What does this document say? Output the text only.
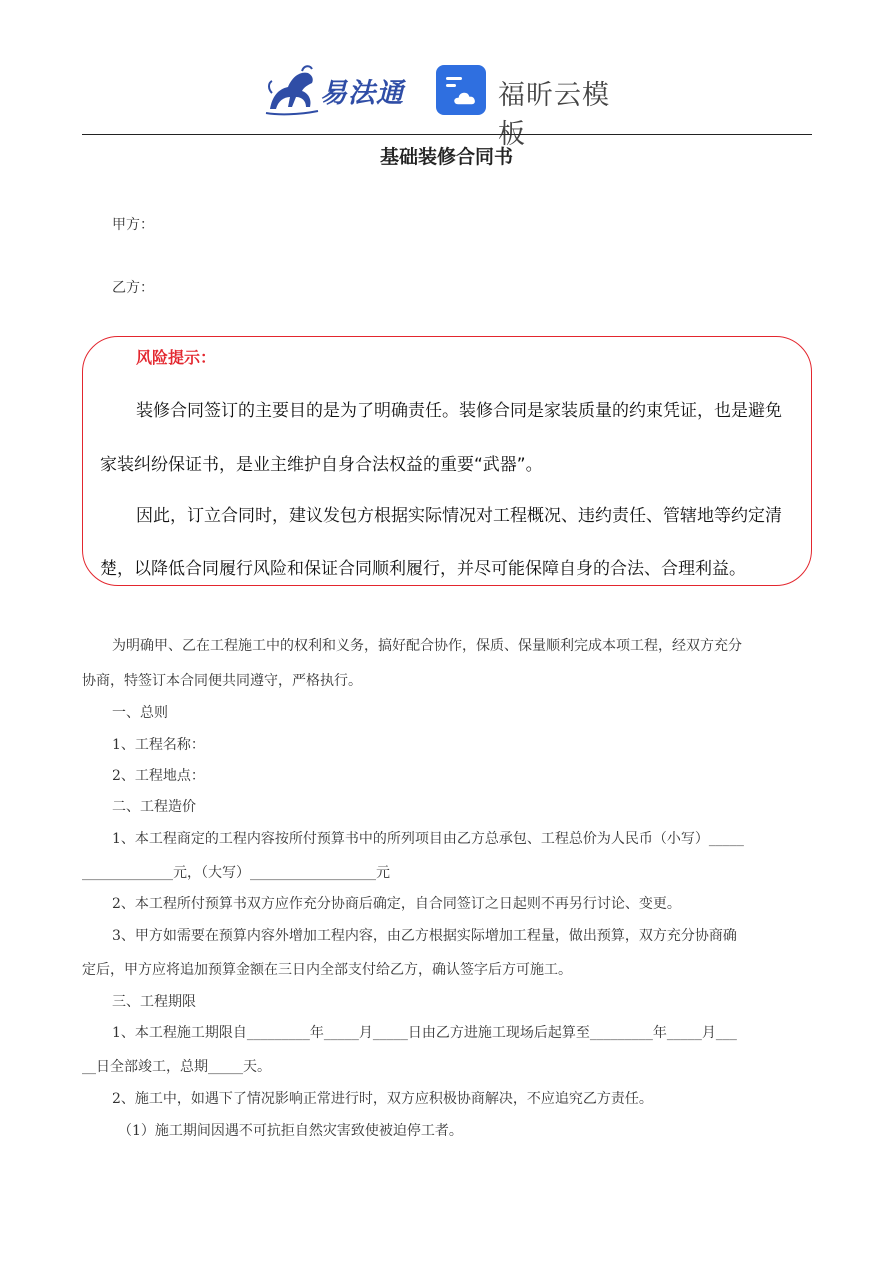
易法通	福昕云模板
基础装修合同书
甲方：
乙方：
风险提示：
装修合同签订的主要目的是为了明确责任。装修合同是家装质量的约束凭证，也是避免
家装纠纷保证书，是业主维护自身合法权益的重要“武器”。
因此，订立合同时，建议发包方根据实际情况对工程概况、违约责任、管辖地等约定清
楚，以降低合同履行风险和保证合同顺利履行，并尽可能保障自身的合法、合理利益。
为明确甲、乙在工程施工中的权利和义务，搞好配合协作，保质、保量顺利完成本项工程，经双方充分
协商，特签订本合同便共同遵守，严格执行。
一、总则
1、工程名称：
2、工程地点：
二、工程造价
1、本工程商定的工程内容按所付预算书中的所列项目由乙方总承包、工程总价为人民币（小写）_____
_____________元，（大写）__________________元
2、本工程所付预算书双方应作充分协商后确定，自合同签订之日起则不再另行讨论、变更。
3、甲方如需要在预算内容外增加工程内容，由乙方根据实际增加工程量，做出预算，双方充分协商确
定后，甲方应将追加预算金额在三日内全部支付给乙方，确认签字后方可施工。
三、工程期限
1、本工程施工期限自_________年_____月_____日由乙方进施工现场后起算至_________年_____月___
__日全部竣工，总期_____天。
2、施工中，如遇下了情况影响正常进行时，双方应积极协商解决，不应追究乙方责任。
（1）施工期间因遇不可抗拒自然灾害致使被迫停工者。
